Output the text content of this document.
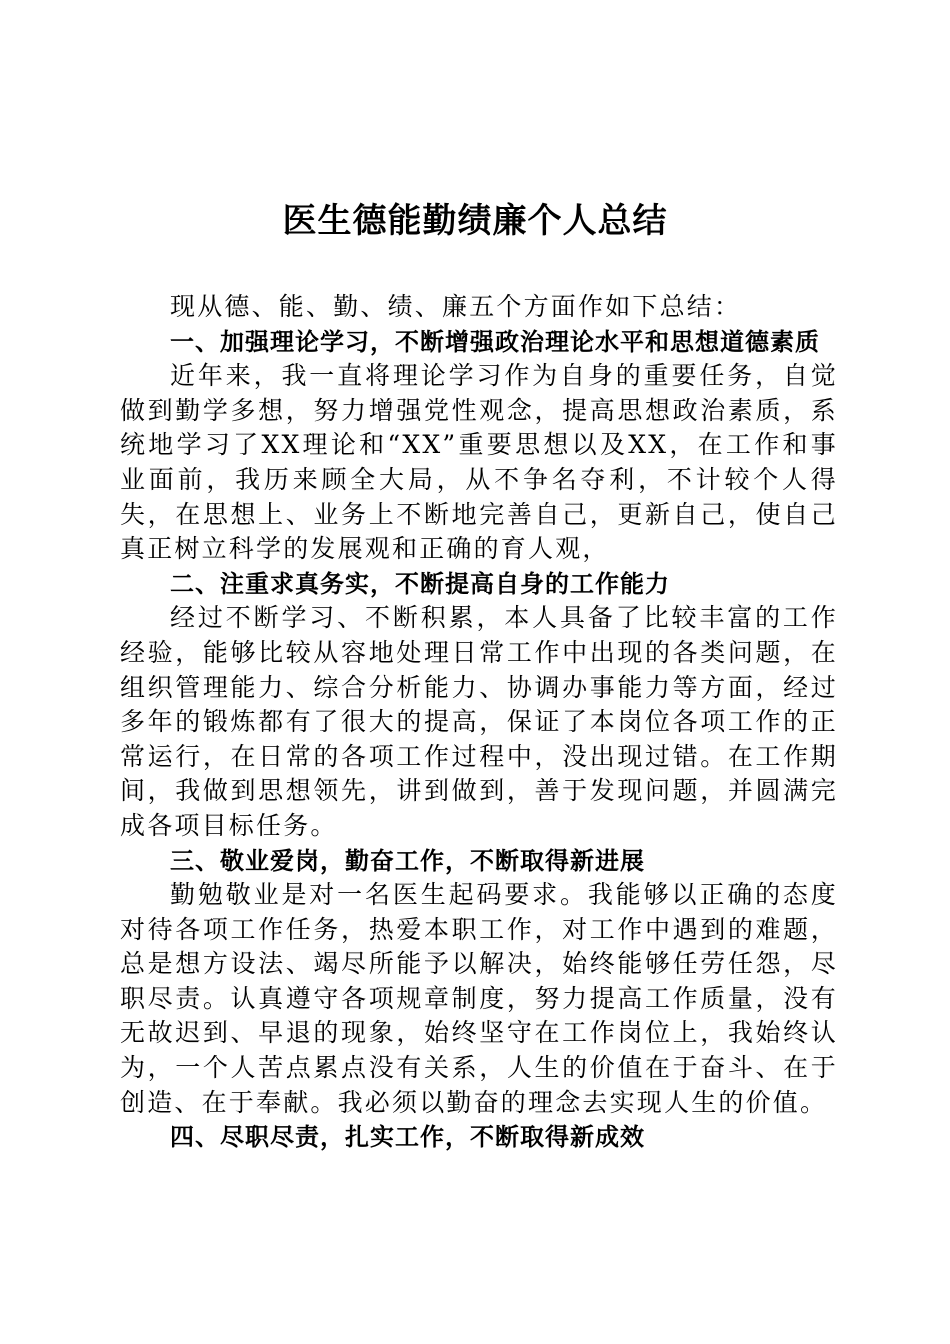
医生德能勤绩廉个人总结

现从德、能、勤、绩、廉五个方面作如下总结：

一、加强理论学习，不断增强政治理论水平和思想道德素质

近年来，我一直将理论学习作为自身的重要任务，自觉做到勤学多想，努力增强党性观念，提高思想政治素质，系统地学习了XX理论和“XX”重要思想以及XX，在工作和事业面前，我历来顾全大局，从不争名夺利，不计较个人得失，在思想上、业务上不断地完善自己，更新自己，使自己真正树立科学的发展观和正确的育人观，

二、注重求真务实，不断提高自身的工作能力

经过不断学习、不断积累，本人具备了比较丰富的工作经验，能够比较从容地处理日常工作中出现的各类问题，在组织管理能力、综合分析能力、协调办事能力等方面，经过多年的锻炼都有了很大的提高，保证了本岗位各项工作的正常运行，在日常的各项工作过程中，没出现过错。在工作期间，我做到思想领先，讲到做到，善于发现问题，并圆满完成各项目标任务。

三、敬业爱岗，勤奋工作，不断取得新进展

勤勉敬业是对一名医生起码要求。我能够以正确的态度对待各项工作任务，热爱本职工作，对工作中遇到的难题，总是想方设法、竭尽所能予以解决，始终能够任劳任怨，尽职尽责。认真遵守各项规章制度，努力提高工作质量，没有无故迟到、早退的现象，始终坚守在工作岗位上，我始终认为，一个人苦点累点没有关系，人生的价值在于奋斗、在于创造、在于奉献。我必须以勤奋的理念去实现人生的价值。

四、尽职尽责，扎实工作，不断取得新成效
